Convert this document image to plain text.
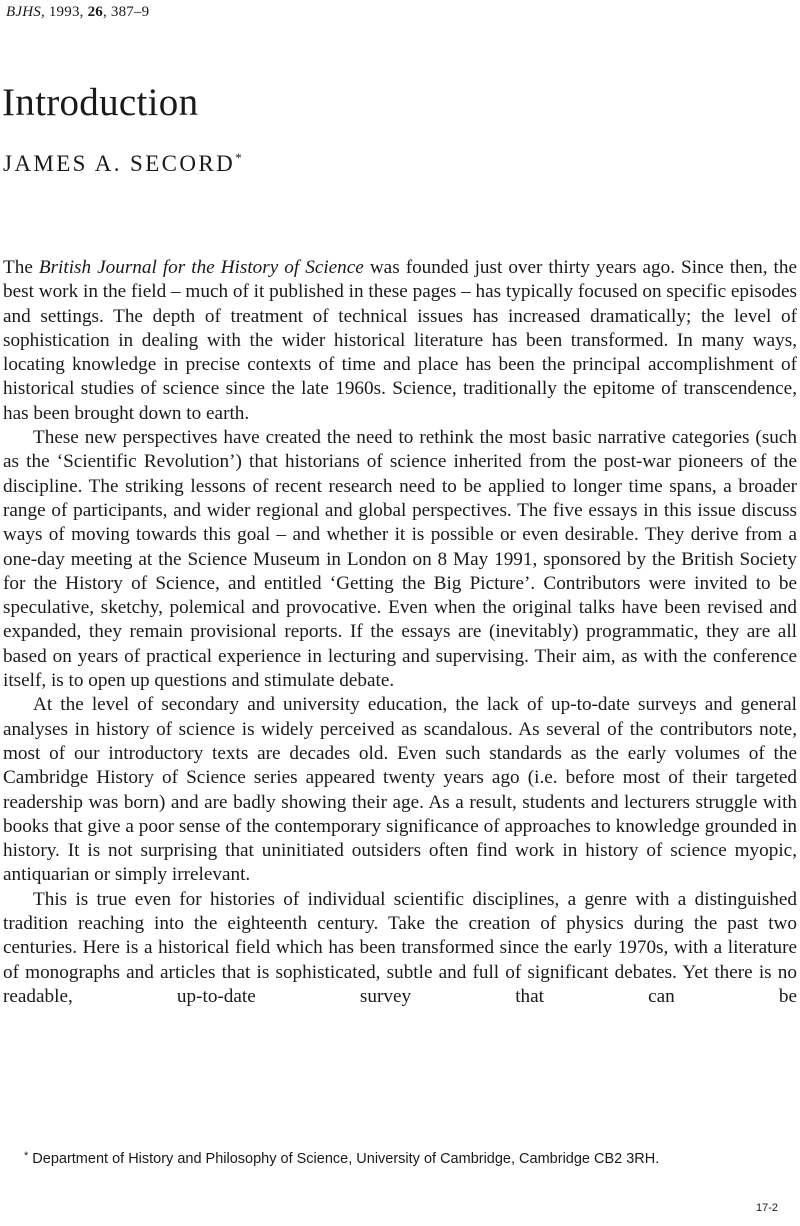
BJHS, 1993, 26, 387–9
Introduction
JAMES A. SECORD*

The British Journal for the History of Science was founded just over thirty years ago. Since then, the best work in the field – much of it published in these pages – has typically focused on specific episodes and settings. The depth of treatment of technical issues has increased dramatically; the level of sophistication in dealing with the wider historical literature has been transformed. In many ways, locating knowledge in precise contexts of time and place has been the principal accomplishment of historical studies of science since the late 1960s. Science, traditionally the epitome of transcendence, has been brought down to earth.

These new perspectives have created the need to rethink the most basic narrative categories (such as the ‘Scientific Revolution’) that historians of science inherited from the post-war pioneers of the discipline. The striking lessons of recent research need to be applied to longer time spans, a broader range of participants, and wider regional and global perspectives. The five essays in this issue discuss ways of moving towards this goal – and whether it is possible or even desirable. They derive from a one-day meeting at the Science Museum in London on 8 May 1991, sponsored by the British Society for the History of Science, and entitled ‘Getting the Big Picture’. Contributors were invited to be speculative, sketchy, polemical and provocative. Even when the original talks have been revised and expanded, they remain provisional reports. If the essays are (inevitably) programmatic, they are all based on years of practical experience in lecturing and supervising. Their aim, as with the conference itself, is to open up questions and stimulate debate.

At the level of secondary and university education, the lack of up-to-date surveys and general analyses in history of science is widely perceived as scandalous. As several of the contributors note, most of our introductory texts are decades old. Even such standards as the early volumes of the Cambridge History of Science series appeared twenty years ago (i.e. before most of their targeted readership was born) and are badly showing their age. As a result, students and lecturers struggle with books that give a poor sense of the contemporary significance of approaches to knowledge grounded in history. It is not surprising that uninitiated outsiders often find work in history of science myopic, antiquarian or simply irrelevant.

This is true even for histories of individual scientific disciplines, a genre with a distinguished tradition reaching into the eighteenth century. Take the creation of physics during the past two centuries. Here is a historical field which has been transformed since the early 1970s, with a literature of monographs and articles that is sophisticated, subtle and full of significant debates. Yet there is no readable, up-to-date survey that can be

* Department of History and Philosophy of Science, University of Cambridge, Cambridge CB2 3RH.
17-2
